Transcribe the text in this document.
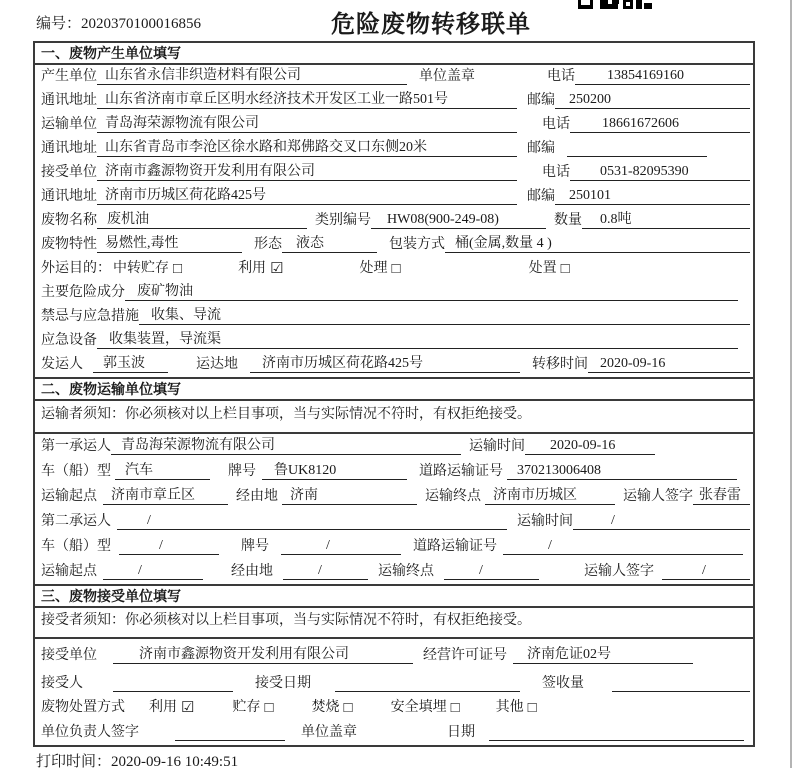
编号：2020370100016856	危险废物转移联单
一、废物产生单位填写
产生单位 山东省永信非织造材料有限公司	单位盖章	电话	13854169160
通讯地址 山东省济南市章丘区明水经济技术开发区工业一路501号	邮编	250200
运输单位 青岛海荣源物流有限公司	电话	18661672606
通讯地址 山东省青岛市李沧区徐水路和郑佛路交叉口东侧20米	邮编
接受单位 济南市鑫源物资开发利用有限公司	电话	0531-82095390
通讯地址 济南市历城区荷花路425号	邮编	250101
废物名称 废机油	类别编号	HW08(900-249-08)	数量	0.8吨
废物特性 易燃性,毒性	形态	液态	包装方式 桶(金属,数量 4 )
外运目的： 中转贮存 □	利用 ☑	处理 □	处置 □
主要危险成分 废矿物油
禁忌与应急措施 收集、导流
应急设备 收集装置，导流渠
发运人	郭玉波	运达地	济南市历城区荷花路425号	转移时间 2020-09-16
二、废物运输单位填写
运输者须知： 你必须核对以上栏目事项，当与实际情况不符时，有权拒绝接受。
第一承运人 青岛海荣源物流有限公司	运输时间	2020-09-16
车（船）型	汽车	牌号	鲁UK8120	道路运输证号	370213006408
运输起点	济南市章丘区	经由地 济南	运输终点 济南市历城区	运输人签字 张春雷
第二承运人	/	运输时间	/
车（船）型	/	牌号	/	道路运输证号	/
运输起点	/	经由地	/	运输终点	/	运输人签字	/
三、废物接受单位填写
接受者须知： 你必须核对以上栏目事项，当与实际情况不符时，有权拒绝接受。
接受单位	济南市鑫源物资开发利用有限公司	经营许可证号	济南危证02号
接受人	接受日期	签收量
废物处置方式 利用 ☑	贮存 □	焚烧 □	安全填埋 □	其他 □
单位负责人签字	单位盖章	日期
打印时间：2020-09-16 10:49:51
